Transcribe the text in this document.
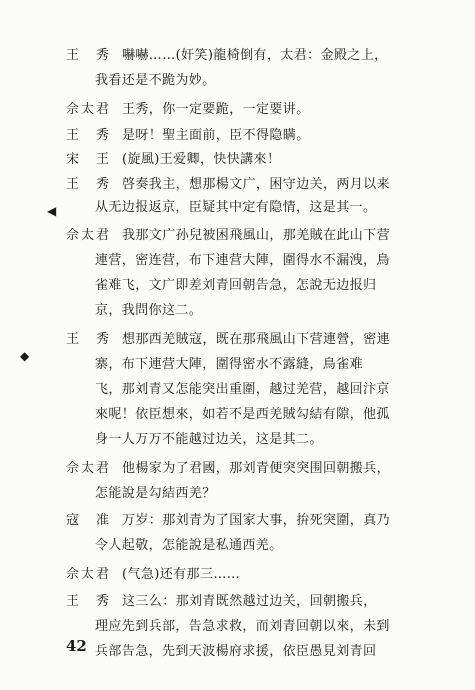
王　秀 嚇嚇……(奸笑)龍椅倒有，太君：金殿之上，
我看还是不跪为妙。
佘太君 王秀，你一定要跪，一定要讲。
王　秀 是呀！聖主面前，臣不得隐瞒。
宋　王 (旋風)王爱卿，快快講來！
王　秀 啓奏我主，想那楊文广，困守边关，两月以来
从无边报返京，臣疑其中定有隐情，这是其一。
佘太君 我那文广孙兒被困飛風山，那羌賊在此山下营
連营，密连营，布下連营大陣，圍得水不漏洩，鳥
雀难飞，文广即差刘青回朝告急，怎說无边报归
京，我問你这二。
王　秀 想那西羌賊寇，既在那飛風山下营連營，密連
寨，布下連营大陣，圍得密水不露縫，鳥雀难
飞，那刘青又怎能突出重圍，越过羌营，越回汴京
來呢！依臣想來，如若不是西羌賊勾結有隙，他孤
身一人万万不能越过边关，这是其二。
佘太君 他楊家为了君國，那刘青便突突围回朝搬兵，
怎能說是勾結西羌？
寇　准 万岁：那刘青为了国家大事，拚死突圍，真乃
令人起敬，怎能說是私通西羌。
佘太君 (气急)还有那三……
王　秀 这三么：那刘青既然越过边关，回朝搬兵，
理应先到兵部，告急求救，而刘青回朝以來，未到
兵部告急，先到天波楊府求援，依臣愚見刘青回
◀
◆
42
